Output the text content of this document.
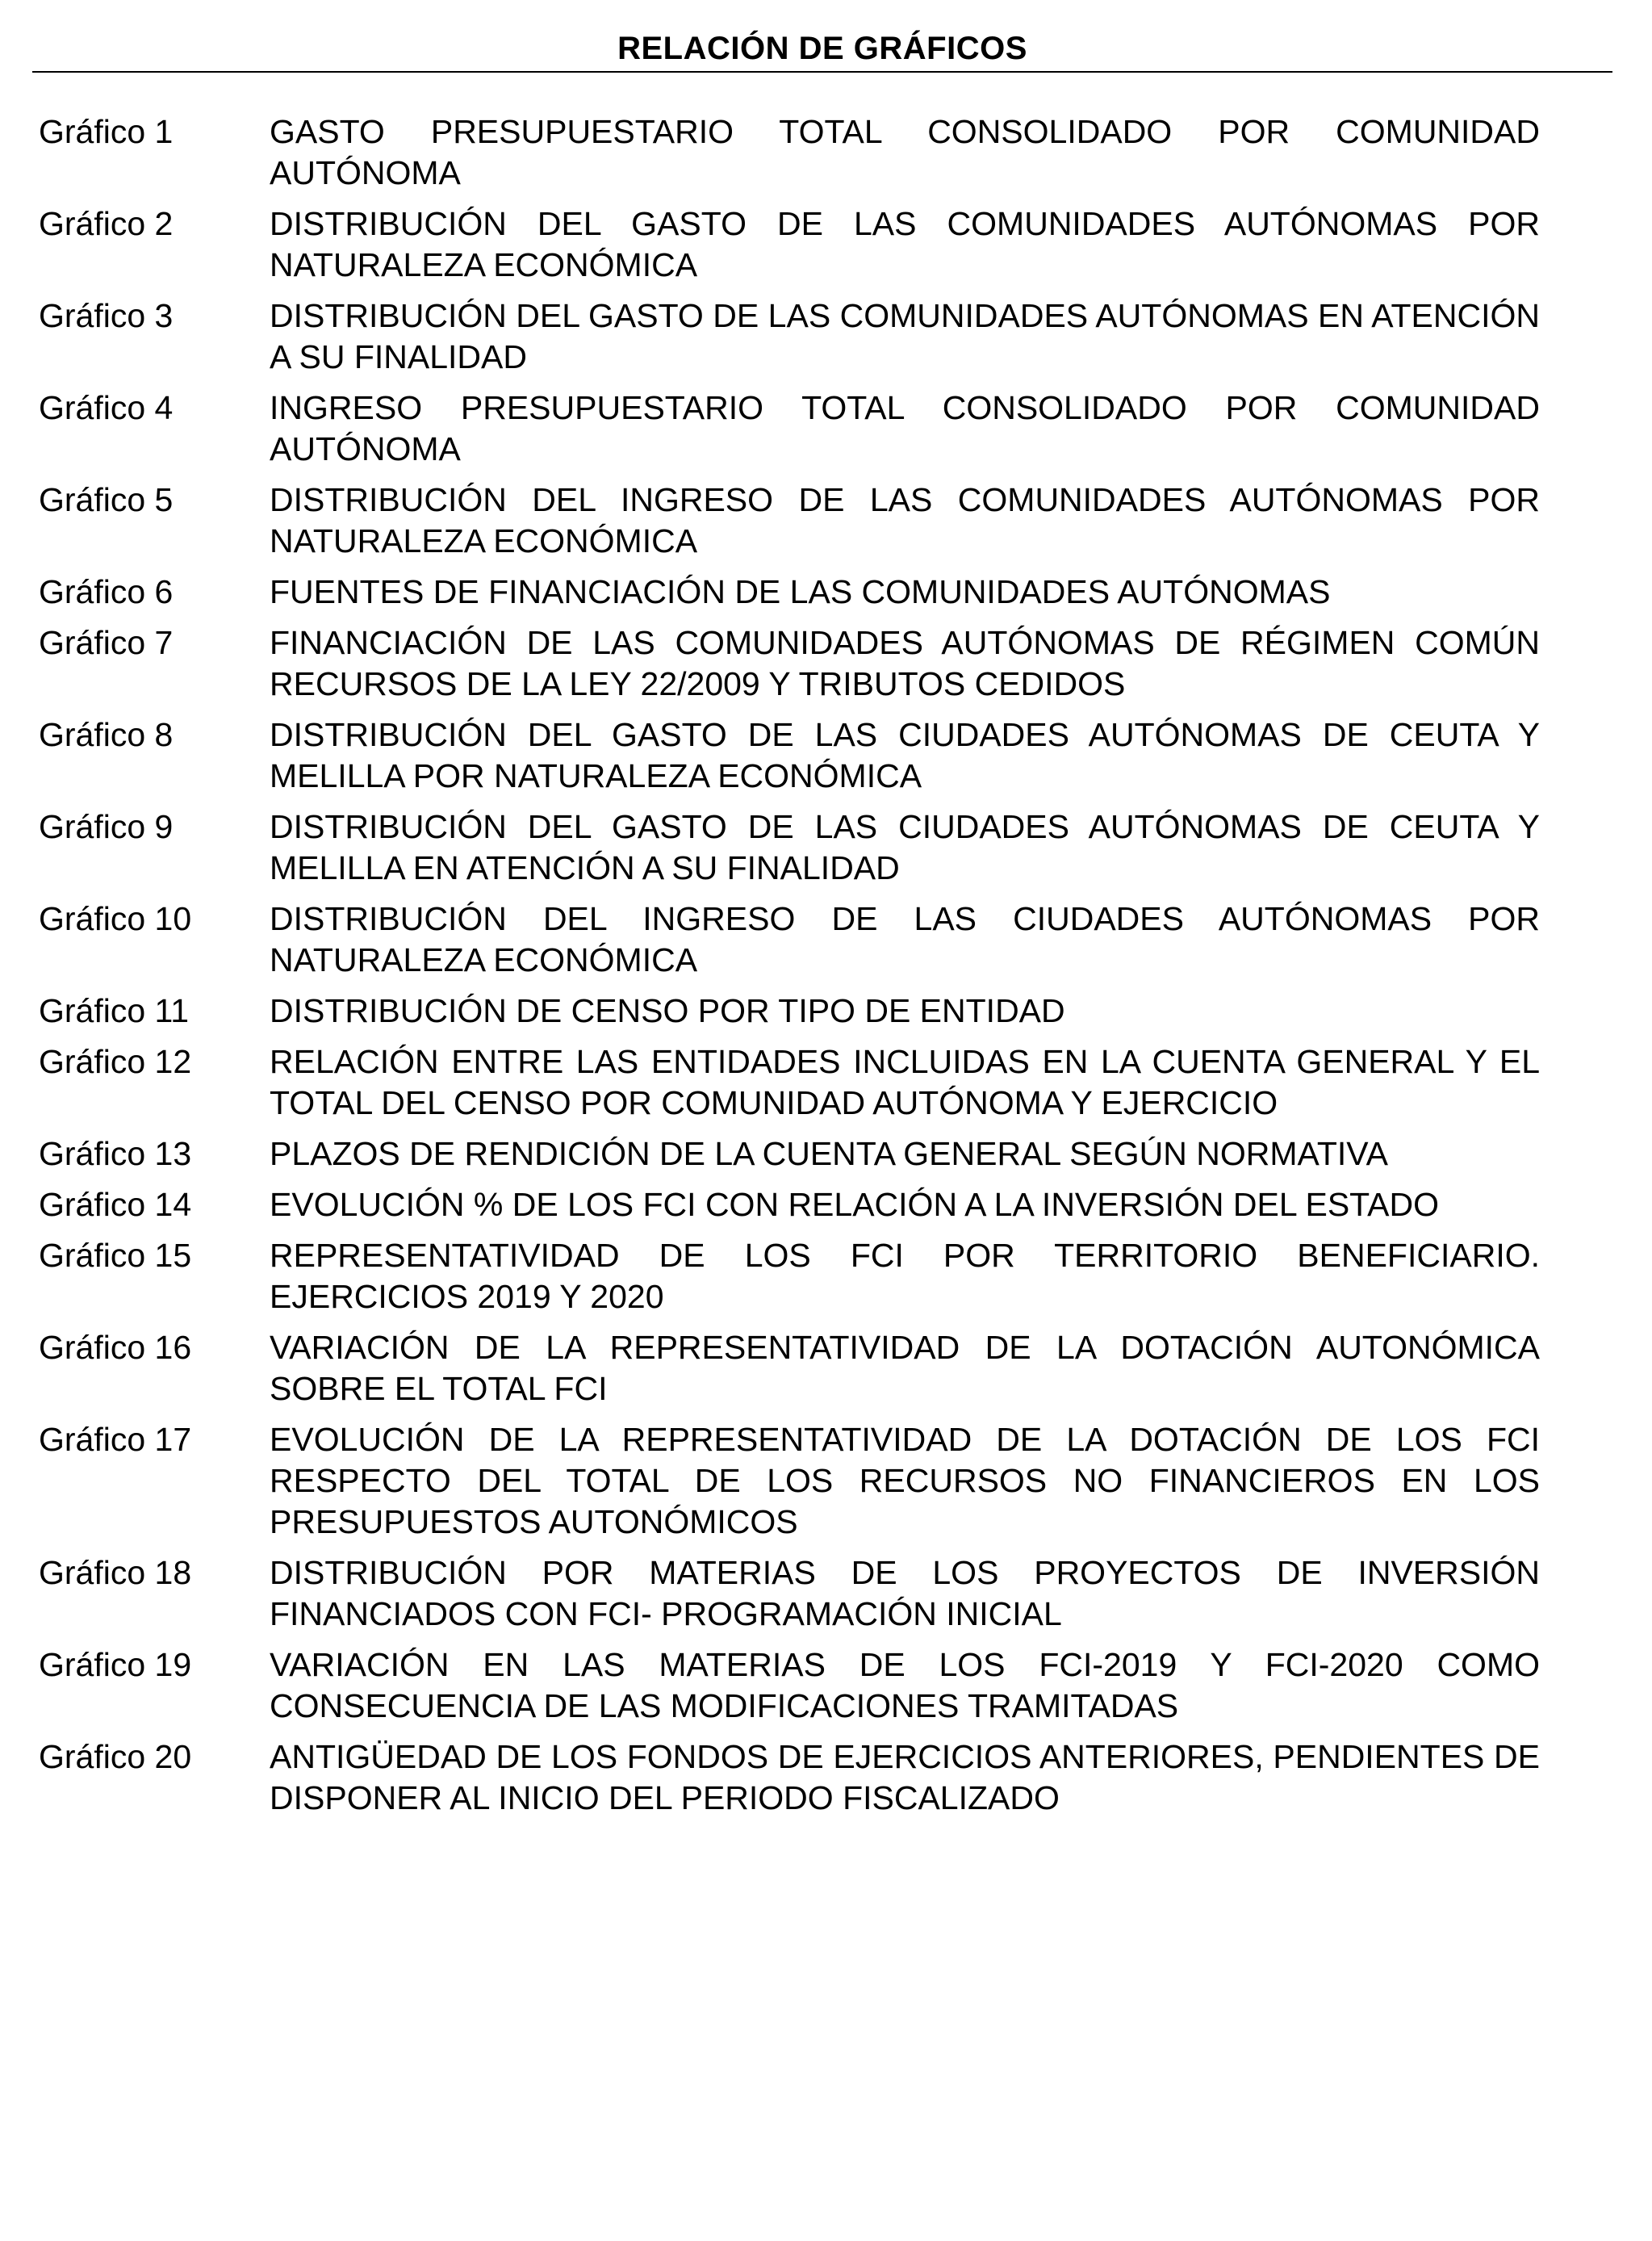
RELACIÓN DE GRÁFICOS
Gráfico 1	GASTO PRESUPUESTARIO TOTAL CONSOLIDADO POR COMUNIDAD AUTÓNOMA
Gráfico 2	DISTRIBUCIÓN DEL GASTO DE LAS COMUNIDADES AUTÓNOMAS POR NATURALEZA ECONÓMICA
Gráfico 3	DISTRIBUCIÓN DEL GASTO DE LAS COMUNIDADES AUTÓNOMAS EN ATENCIÓN A SU FINALIDAD
Gráfico 4	INGRESO PRESUPUESTARIO TOTAL CONSOLIDADO POR COMUNIDAD AUTÓNOMA
Gráfico 5	DISTRIBUCIÓN DEL INGRESO DE LAS COMUNIDADES AUTÓNOMAS POR NATURALEZA ECONÓMICA
Gráfico 6	FUENTES DE FINANCIACIÓN DE LAS COMUNIDADES AUTÓNOMAS
Gráfico 7	FINANCIACIÓN DE LAS COMUNIDADES AUTÓNOMAS DE RÉGIMEN COMÚN RECURSOS DE LA LEY 22/2009 Y TRIBUTOS CEDIDOS
Gráfico 8	DISTRIBUCIÓN DEL GASTO DE LAS CIUDADES AUTÓNOMAS DE CEUTA Y MELILLA POR NATURALEZA ECONÓMICA
Gráfico 9	DISTRIBUCIÓN DEL GASTO DE LAS CIUDADES AUTÓNOMAS DE CEUTA Y MELILLA EN ATENCIÓN A SU FINALIDAD
Gráfico 10	DISTRIBUCIÓN DEL INGRESO DE LAS CIUDADES AUTÓNOMAS POR NATURALEZA ECONÓMICA
Gráfico 11	DISTRIBUCIÓN DE CENSO POR TIPO DE ENTIDAD
Gráfico 12	RELACIÓN ENTRE LAS ENTIDADES INCLUIDAS EN LA CUENTA GENERAL Y EL TOTAL DEL CENSO POR COMUNIDAD AUTÓNOMA Y EJERCICIO
Gráfico 13	PLAZOS DE RENDICIÓN DE LA CUENTA GENERAL SEGÚN NORMATIVA
Gráfico 14	EVOLUCIÓN % DE LOS FCI CON RELACIÓN A LA INVERSIÓN DEL ESTADO
Gráfico 15	REPRESENTATIVIDAD DE LOS FCI POR TERRITORIO BENEFICIARIO. EJERCICIOS 2019 Y 2020
Gráfico 16	VARIACIÓN DE LA REPRESENTATIVIDAD DE LA DOTACIÓN AUTONÓMICA SOBRE EL TOTAL FCI
Gráfico 17	EVOLUCIÓN DE LA REPRESENTATIVIDAD DE LA DOTACIÓN DE LOS FCI RESPECTO DEL TOTAL DE LOS RECURSOS NO FINANCIEROS EN LOS PRESUPUESTOS AUTONÓMICOS
Gráfico 18	DISTRIBUCIÓN POR MATERIAS DE LOS PROYECTOS DE INVERSIÓN FINANCIADOS CON FCI- PROGRAMACIÓN INICIAL
Gráfico 19	VARIACIÓN EN LAS MATERIAS DE LOS FCI-2019 Y FCI-2020 COMO CONSECUENCIA DE LAS MODIFICACIONES TRAMITADAS
Gráfico 20	ANTIGÜEDAD DE LOS FONDOS DE EJERCICIOS ANTERIORES, PENDIENTES DE DISPONER AL INICIO DEL PERIODO FISCALIZADO
